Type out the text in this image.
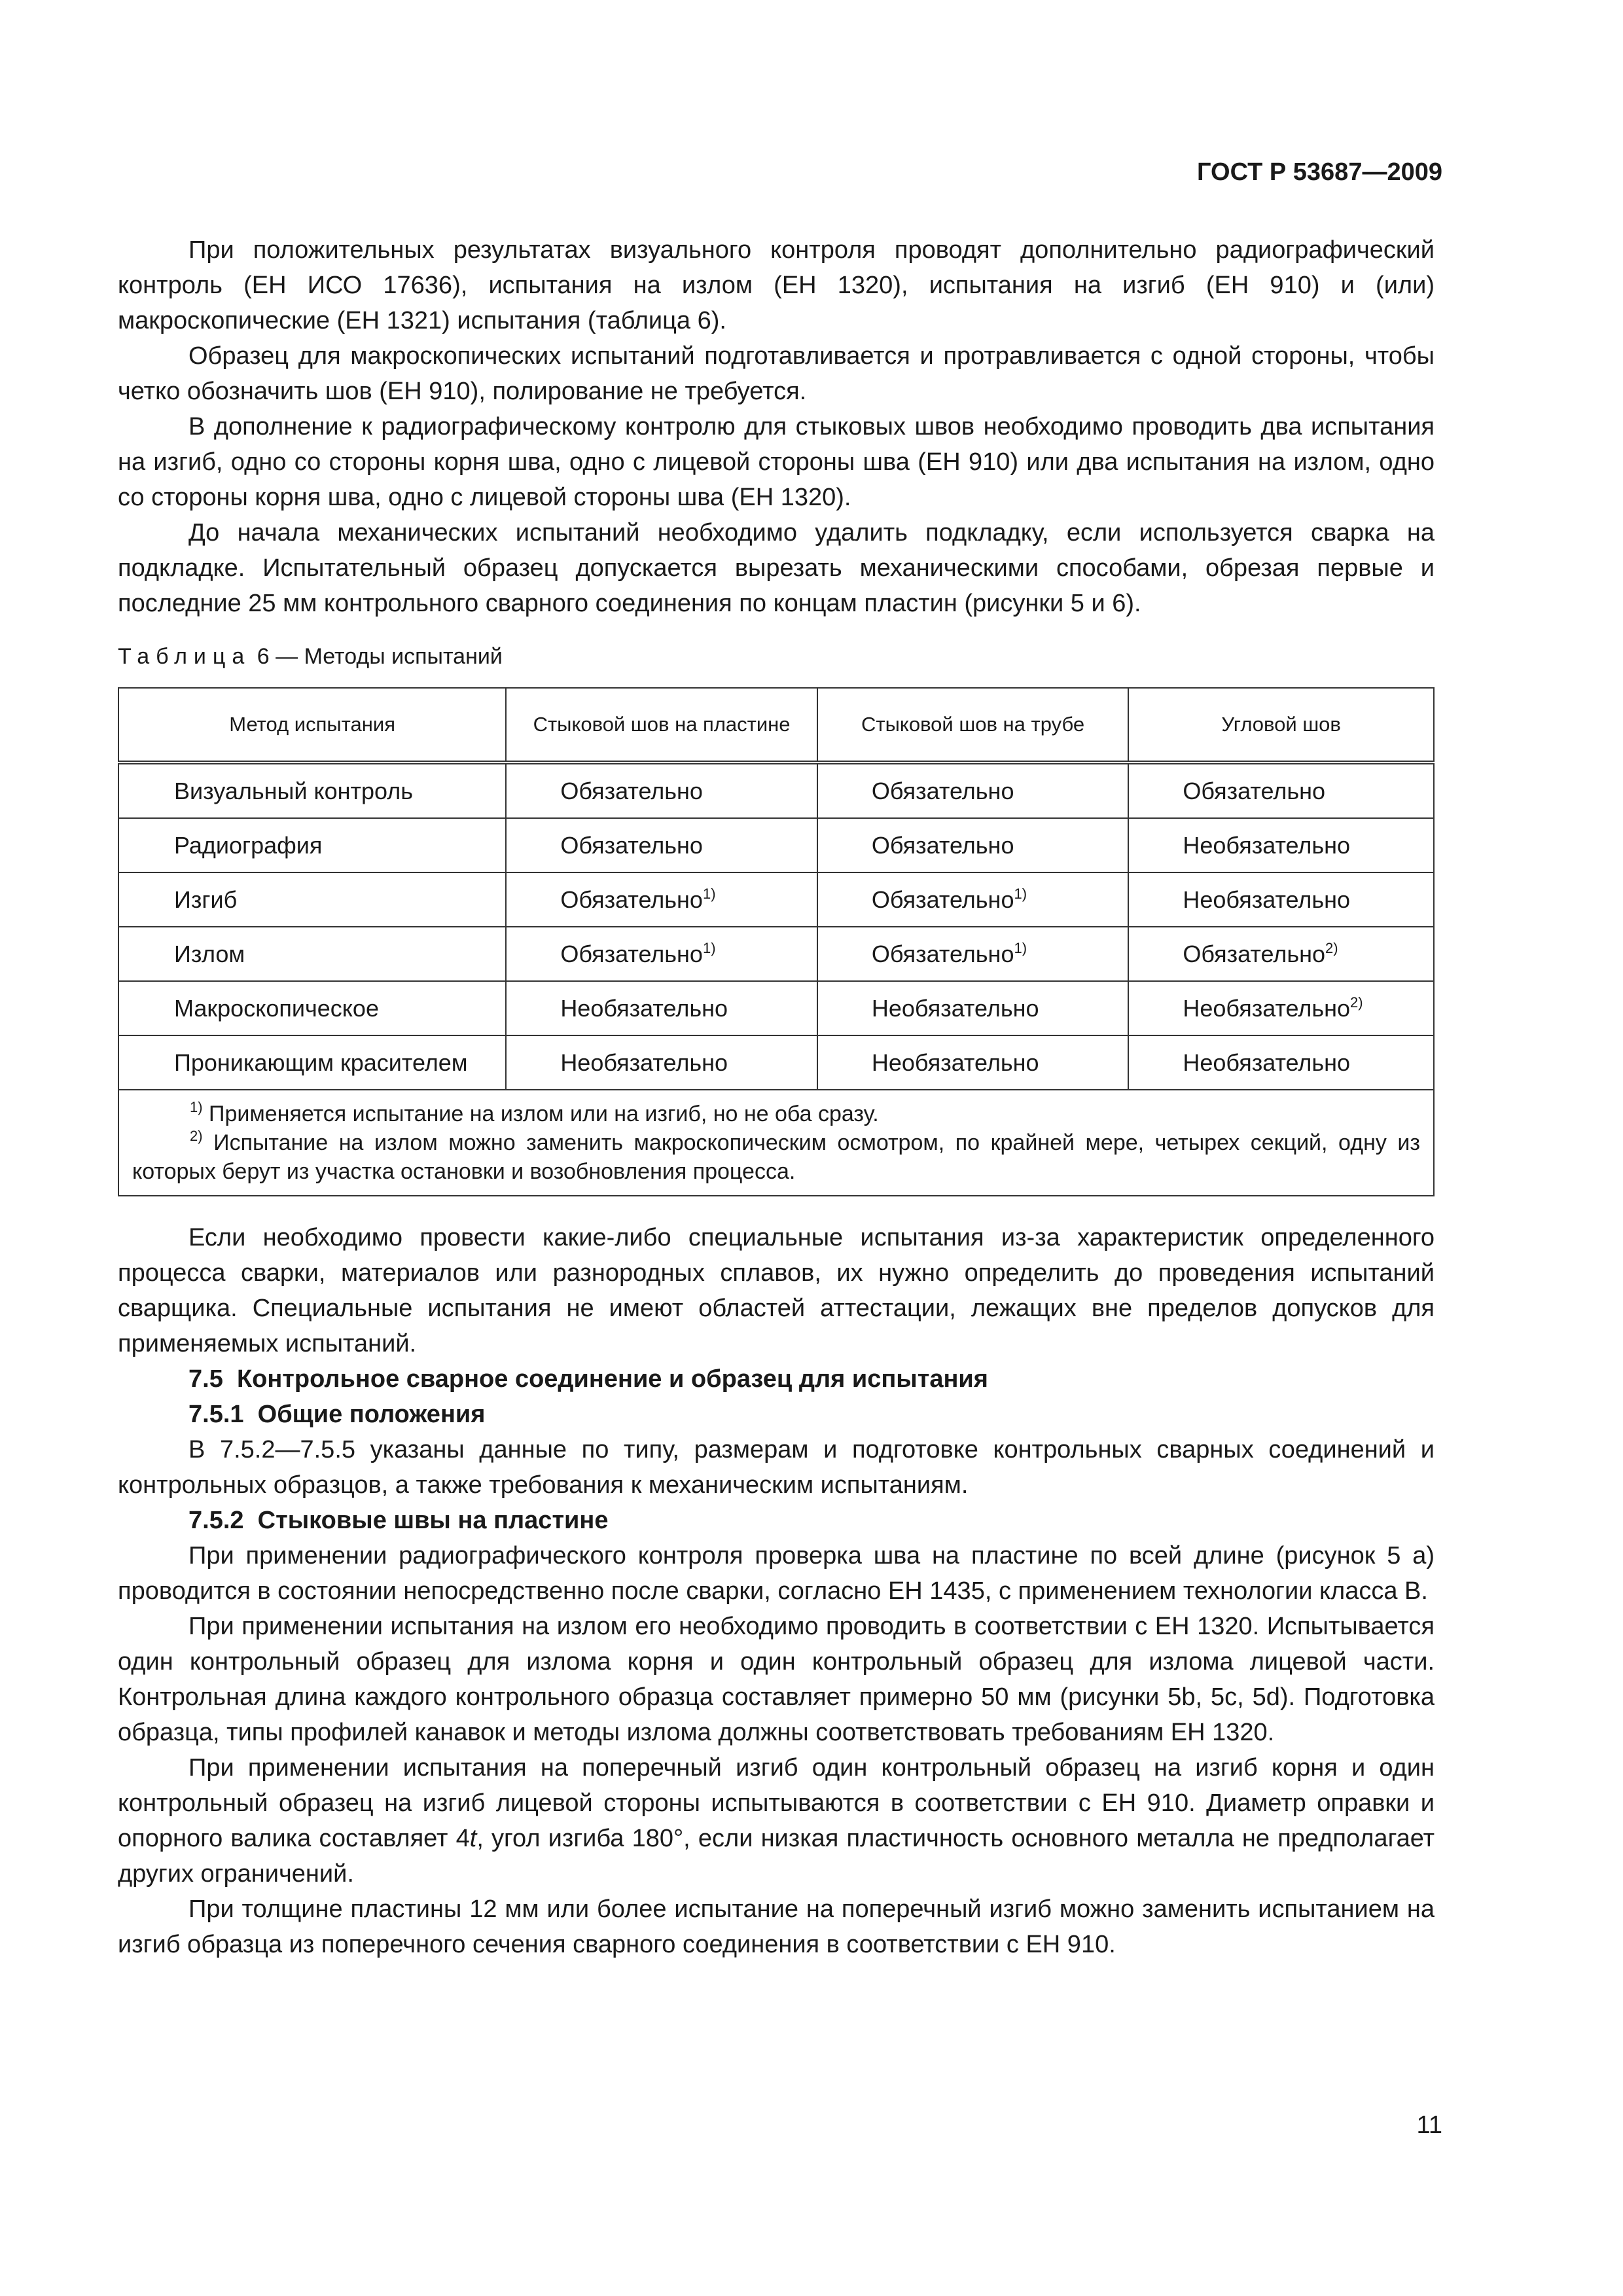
ГОСТ Р 53687—2009

При положительных результатах визуального контроля проводят дополнительно радиографический контроль (ЕН ИСО 17636), испытания на излом (ЕН 1320), испытания на изгиб (ЕН 910) и (или) макроскопические (ЕН 1321) испытания (таблица 6).

Образец для макроскопических испытаний подготавливается и протравливается с одной стороны, чтобы четко обозначить шов (ЕН 910), полирование не требуется.

В дополнение к радиографическому контролю для стыковых швов необходимо проводить два испытания на изгиб, одно со стороны корня шва, одно с лицевой стороны шва (ЕН 910) или два испытания на излом, одно со стороны корня шва, одно с лицевой стороны шва (ЕН 1320).

До начала механических испытаний необходимо удалить подкладку, если используется сварка на подкладке. Испытательный образец допускается вырезать механическими способами, обрезая первые и последние 25 мм контрольного сварного соединения по концам пластин (рисунки 5 и 6).

Таблица 6 — Методы испытаний
Метод испытания	Стыковой шов на пластине	Стыковой шов на трубе	Угловой шов
Визуальный контроль	Обязательно	Обязательно	Обязательно
Радиография	Обязательно	Обязательно	Необязательно
Изгиб	Обязательно$^{1)}$	Обязательно$^{1)}$	Необязательно
Излом	Обязательно$^{1)}$	Обязательно$^{1)}$	Обязательно$^{2)}$
Макроскопическое	Необязательно	Необязательно	Необязательно$^{2)}$
Проникающим красителем	Необязательно	Необязательно	Необязательно

$^{1)}$ Применяется испытание на излом или на изгиб, но не оба сразу.

$^{2)}$ Испытание на излом можно заменить макроскопическим осмотром, по крайней мере, четырех секций, одну из которых берут из участка остановки и возобновления процесса.			

Если необходимо провести какие-либо специальные испытания из-за характеристик определенного процесса сварки, материалов или разнородных сплавов, их нужно определить до проведения испытаний сварщика. Специальные испытания не имеют областей аттестации, лежащих вне пределов допусков для применяемых испытаний.

7.5 Контрольное сварное соединение и образец для испытания

7.5.1 Общие положения

В 7.5.2—7.5.5 указаны данные по типу, размерам и подготовке контрольных сварных соединений и контрольных образцов, а также требования к механическим испытаниям.

7.5.2 Стыковые швы на пластине

При применении радиографического контроля проверка шва на пластине по всей длине (рисунок 5 а) проводится в состоянии непосредственно после сварки, согласно ЕН 1435, с применением технологии класса В.

При применении испытания на излом его необходимо проводить в соответствии с ЕН 1320. Испытывается один контрольный образец для излома корня и один контрольный образец для излома лицевой части. Контрольная длина каждого контрольного образца составляет примерно 50 мм (рисунки 5b, 5c, 5d). Подготовка образца, типы профилей канавок и методы излома должны соответствовать требованиям ЕН 1320.

При применении испытания на поперечный изгиб один контрольный образец на изгиб корня и один контрольный образец на изгиб лицевой стороны испытываются в соответствии с ЕН 910. Диаметр оправки и опорного валика составляет 4t, угол изгиба 180°, если низкая пластичность основного металла не предполагает других ограничений.

При толщине пластины 12 мм или более испытание на поперечный изгиб можно заменить испытанием на изгиб образца из поперечного сечения сварного соединения в соответствии с ЕН 910.

11
